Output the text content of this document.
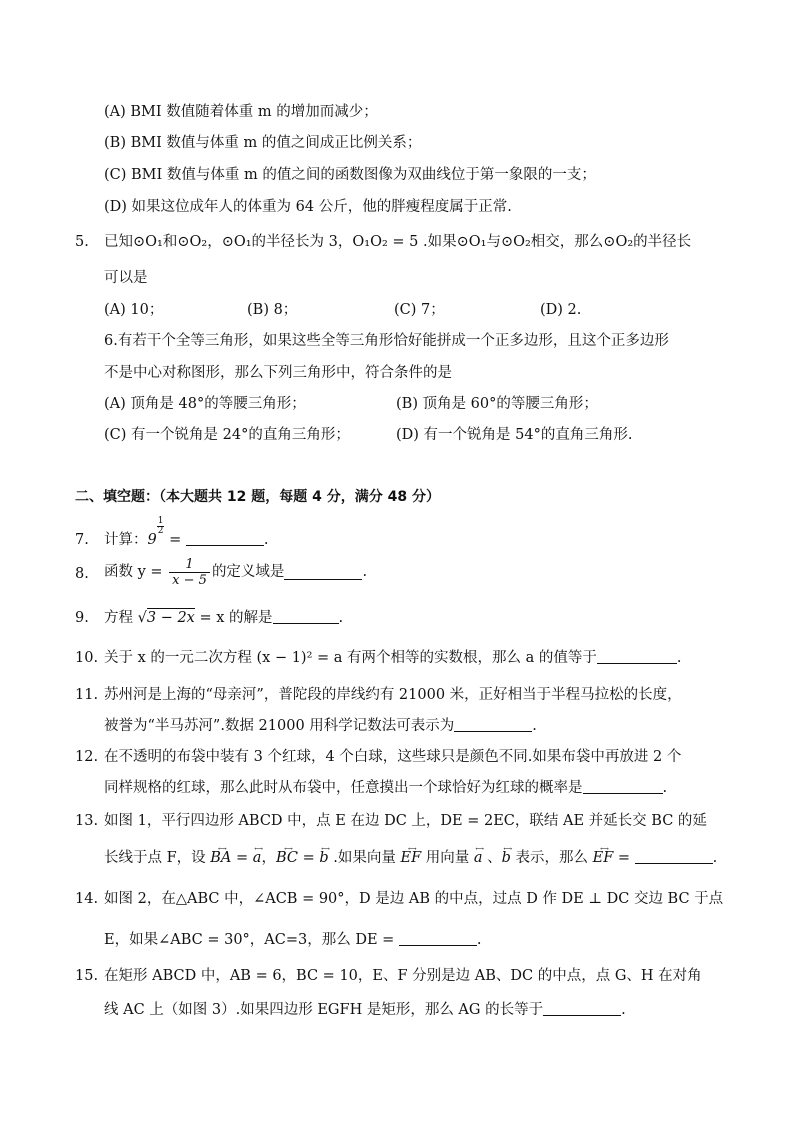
(A) BMI 数值随着体重 m 的增加而减少；
(B) BMI 数值与体重 m 的值之间成正比例关系；
(C) BMI 数值与体重 m 的值之间的函数图像为双曲线位于第一象限的一支；
(D) 如果这位成年人的体重为 64 公斤，他的胖瘦程度属于正常.
5. 已知⊙O₁和⊙O₂，⊙O₁的半径长为 3，O₁O₂ = 5 .如果⊙O₁与⊙O₂相交，那么⊙O₂的半径长
可以是
(A) 10；	(B) 8；	(C) 7；	(D) 2.
6.有若干个全等三角形，如果这些全等三角形恰好能拼成一个正多边形，且这个正多边形
不是中心对称图形，那么下列三角形中，符合条件的是
(A) 顶角是 48°的等腰三角形；	(B) 顶角是 60°的等腰三角形；
(C) 有一个锐角是 24°的直角三角形；	(D) 有一个锐角是 54°的直角三角形.
二、填空题：（本大题共 12 题，每题 4 分，满分 48 分）
7. 计算：9
$\frac{1}{2}$
=	.
8. 函数 $y = \frac{1}{x - 5}$ 的定义域是	.
9. 方程 √3 − 2x = x 的解是	.
10. 关于 x 的一元二次方程 (x − 1)² = a 有两个相等的实数根，那么 a 的值等于	.
11. 苏州河是上海的“母亲河”，普陀段的岸线约有 21000 米，正好相当于半程马拉松的长度，
被誉为“半马苏河”.数据 21000 用科学记数法可表示为	.
12. 在不透明的布袋中装有 3 个红球，4 个白球，这些球只是颜色不同.如果布袋中再放进 2 个
同样规格的红球，那么此时从布袋中，任意摸出一个球恰好为红球的概率是	.
13. 如图 1，平行四边形 ABCD 中，点 E 在边 DC 上，DE = 2EC，联结 AE 并延长交 BC 的延
长线于点 F，设 ←→ BA = ←→ a，←→ BC = ←→ b .如果向量 ←→ EF 用向量 ←→ a 、←→ b 表示，那么 ←→ EF =	.
14. 如图 2，在△ABC 中，∠ACB = 90°，D 是边 AB 的中点，过点 D 作 DE ⊥ DC 交边 BC 于点
E，如果∠ABC = 30°，AC=3，那么 DE =	.
15. 在矩形 ABCD 中，AB = 6，BC = 10，E、F 分别是边 AB、DC 的中点，点 G、H 在对角
线 AC 上（如图 3）.如果四边形 EGFH 是矩形，那么 AG 的长等于	.
